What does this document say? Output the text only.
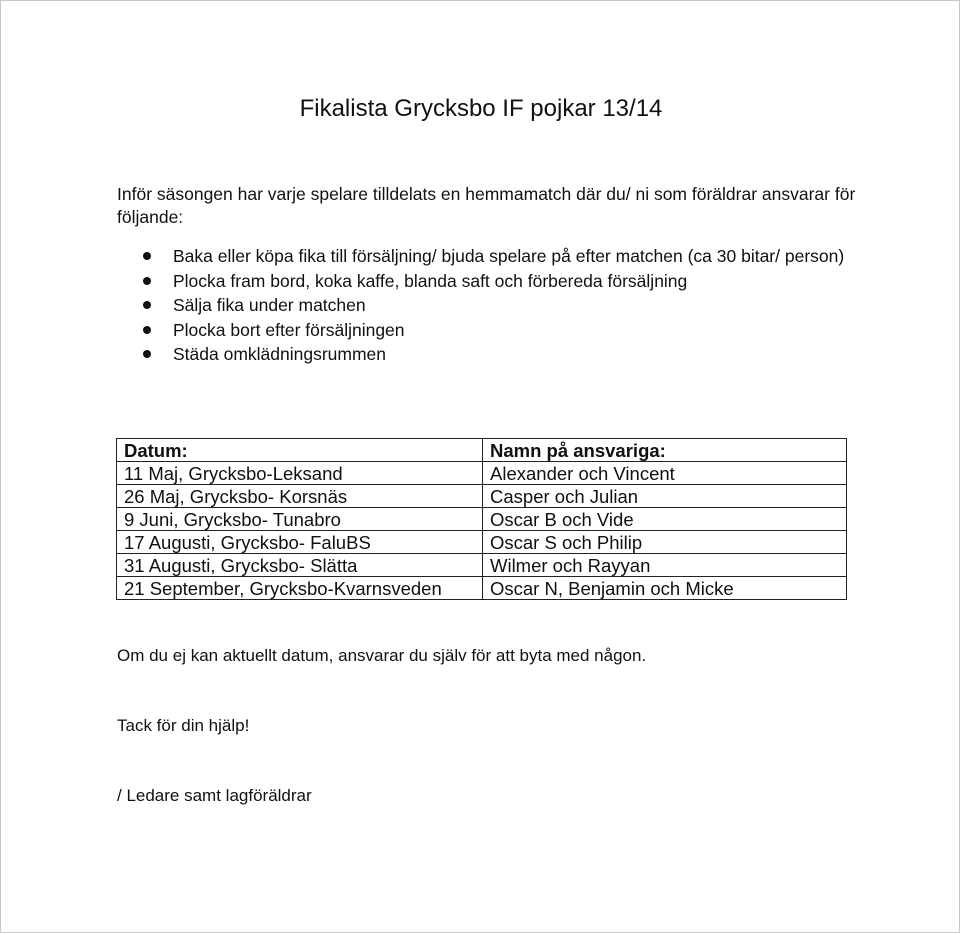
Fikalista Grycksbo IF pojkar 13/14
Inför säsongen har varje spelare tilldelats en hemmamatch där du/ ni som föräldrar ansvarar för följande:
Baka eller köpa fika till försäljning/ bjuda spelare på efter matchen (ca 30 bitar/ person)
Plocka fram bord, koka kaffe, blanda saft och förbereda försäljning
Sälja fika under matchen
Plocka bort efter försäljningen
Städa omklädningsrummen
Datum:	Namn på ansvariga:
11 Maj, Grycksbo-Leksand	Alexander och Vincent
26 Maj, Grycksbo- Korsnäs	Casper och Julian
9 Juni, Grycksbo- Tunabro	Oscar B och Vide
17 Augusti, Grycksbo- FaluBS	Oscar S och Philip
31 Augusti, Grycksbo- Slätta	Wilmer och Rayyan
21 September, Grycksbo-Kvarnsveden	Oscar N, Benjamin och Micke
Om du ej kan aktuellt datum, ansvarar du själv för att byta med någon.
Tack för din hjälp!
/ Ledare samt lagföräldrar
